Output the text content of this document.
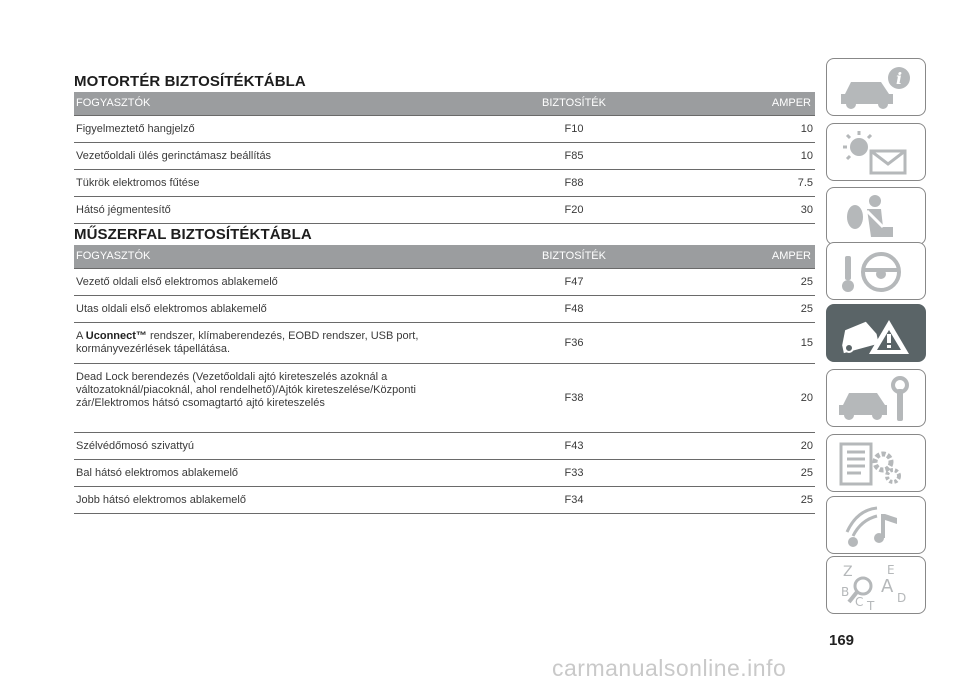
MOTORTÉR BIZTOSÍTÉKTÁBLA
FOGYASZTÓK	BIZTOSÍTÉK	AMPER
Figyelmeztető hangjelző	F10	10
Vezetőoldali ülés gerinctámasz beállítás	F85	10
Tükrök elektromos fűtése	F88	7.5
Hátsó jégmentesítő	F20	30
MŰSZERFAL BIZTOSÍTÉKTÁBLA
FOGYASZTÓK	BIZTOSÍTÉK	AMPER
Vezető oldali első elektromos ablakemelő	F47	25
Utas oldali első elektromos ablakemelő	F48	25
A Uconnect™ rendszer, klímaberendezés, EOBD rendszer, USB port, kormányvezérlések tápellátása.	F36	15
Dead Lock berendezés (Vezetőoldali ajtó kireteszelés azoknál a változatoknál/piacoknál, ahol rendelhető)/Ajtók kireteszelése/Központi zár/Elektromos hátsó csomagtartó ajtó kireteszelés	F38	20
Szélvédőmosó szivattyú	F43	20
Bal hátsó elektromos ablakemelő	F33	25
Jobb hátsó elektromos ablakemelő	F34	25
i
Z	E
A
B
C T
D
169
carmanualsonline.info
